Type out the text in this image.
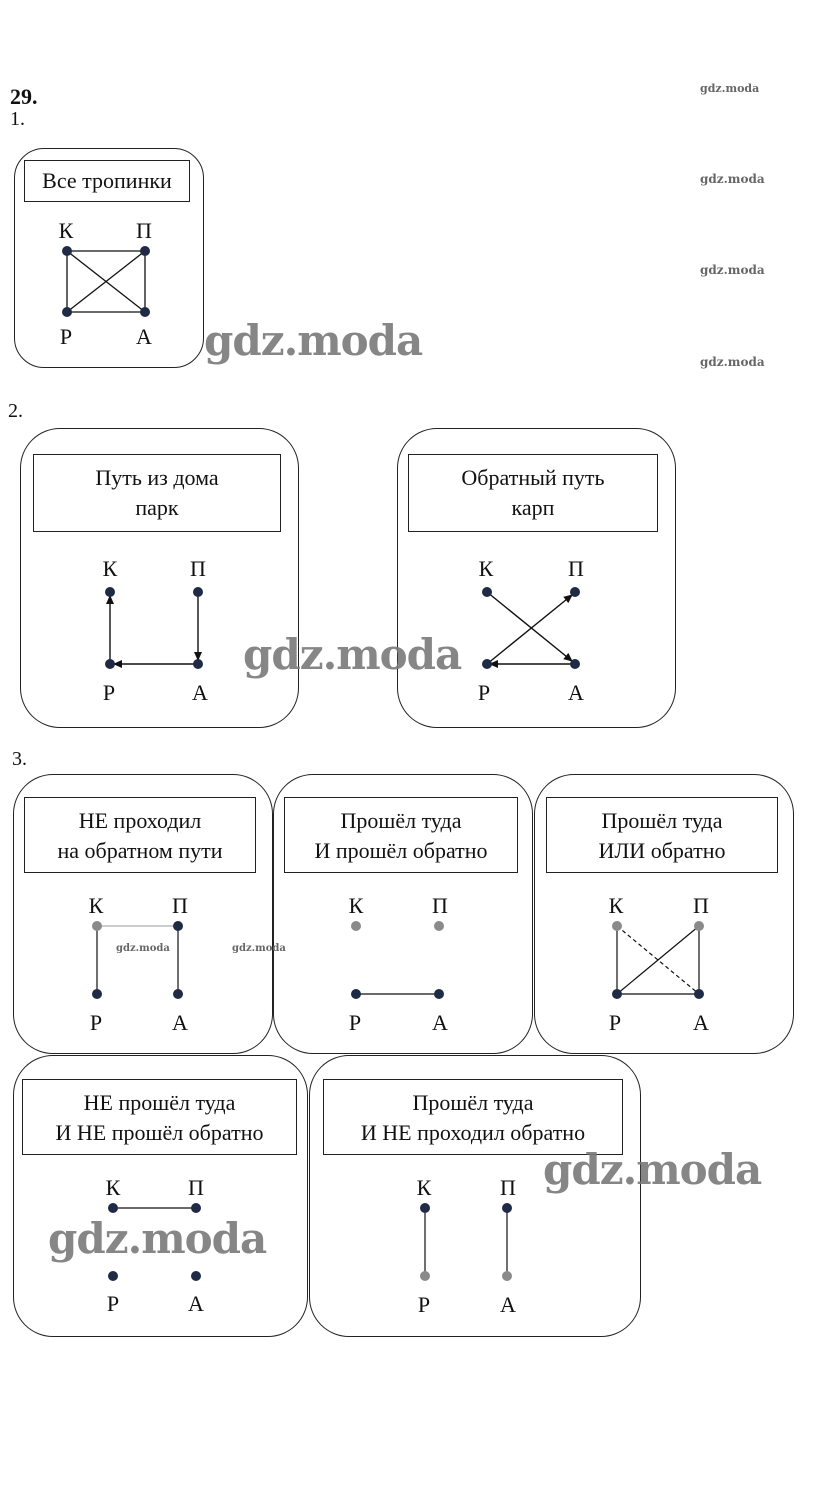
29.
1.
Все тропинки
К	П
Р	А
2.
Путь из дома
парк
К	П
Р	А
Обратный путь
карп
К	П
Р	А
3.
НЕ проходил
на обратном пути
К	П
Р	А
Прошёл туда
И прошёл обратно
К	П
Р	А
Прошёл туда
ИЛИ обратно
К	П
Р	А
НЕ прошёл туда
И НЕ прошёл обратно
К	П
Р	А
Прошёл туда
И НЕ проходил обратно
К	П
Р	А
gdz.moda
gdz.moda
gdz.moda
gdz.moda
gdz.moda	gdz.moda
gdz.moda
gdz.moda
gdz.moda
gdz.moda
